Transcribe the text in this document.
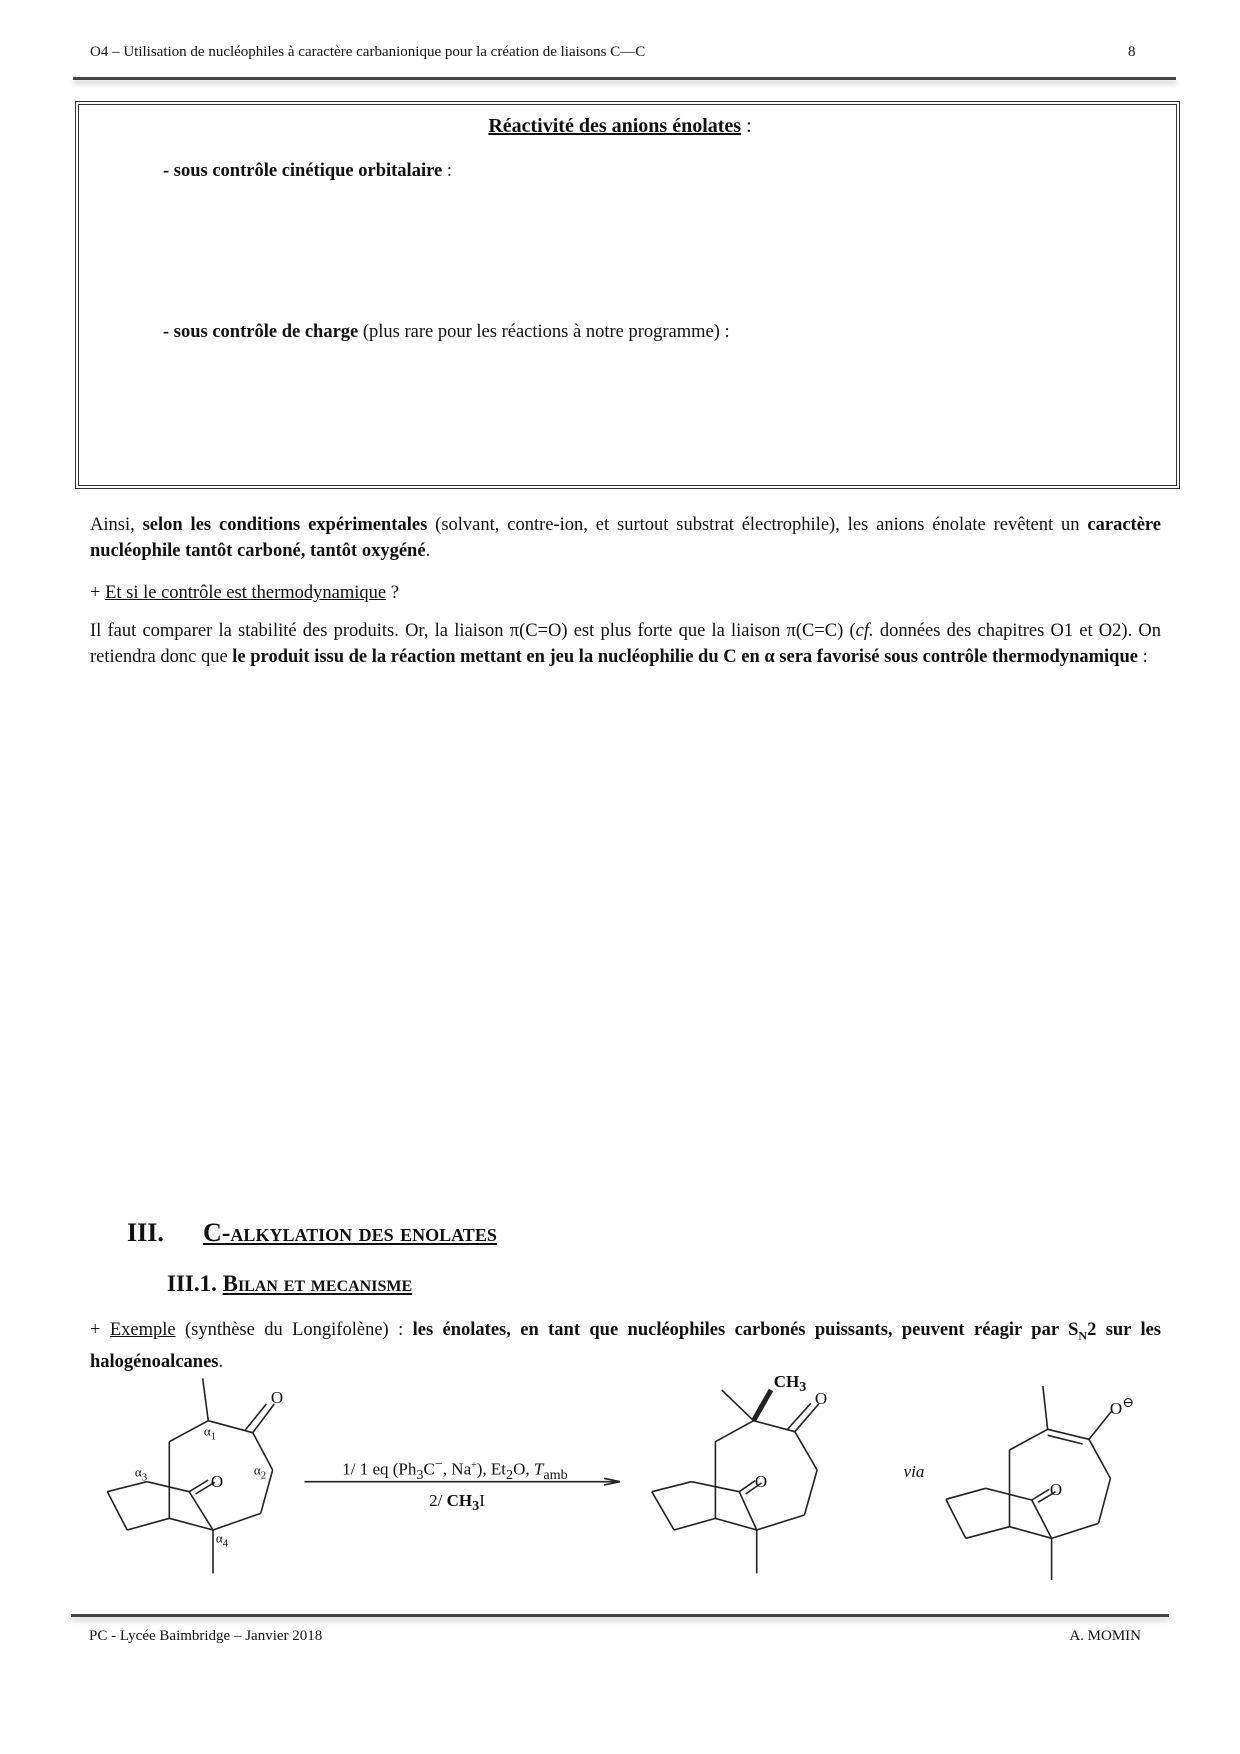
O4 – Utilisation de nucléophiles à caractère carbanionique pour la création de liaisons C—C	8
Réactivité des anions énolates :
- sous contrôle cinétique orbitalaire :
- sous contrôle de charge (plus rare pour les réactions à notre programme) :
Ainsi, selon les conditions expérimentales (solvant, contre-ion, et surtout substrat électrophile), les anions énolate revêtent un caractère nucléophile tantôt carboné, tantôt oxygéné.
+ Et si le contrôle est thermodynamique ?
Il faut comparer la stabilité des produits. Or, la liaison π(C=O) est plus forte que la liaison π(C=C) (cf. données des chapitres O1 et O2). On retiendra donc que le produit issu de la réaction mettant en jeu la nucléophilie du C en α sera favorisé sous contrôle thermodynamique :
III. C-alkylation des enolates
III.1. Bilan et mecanisme
+ Exemple (synthèse du Longifolène) : les énolates, en tant que nucléophiles carbonés puissants, peuvent réagir par $S_N2$ sur les halogénoalcanes.
O
O
$\alpha_1$
$\alpha_2$
$\alpha_3$
$\alpha_4$
1/ 1 eq ($Ph_3C^-$, Na+), $Et_2O$, $T_{amb}$
2/ $CH_3I$
$CH_3$
O
O
via
O⊖
O
PC - Lycée Baimbridge – Janvier 2018	A. MOMIN
